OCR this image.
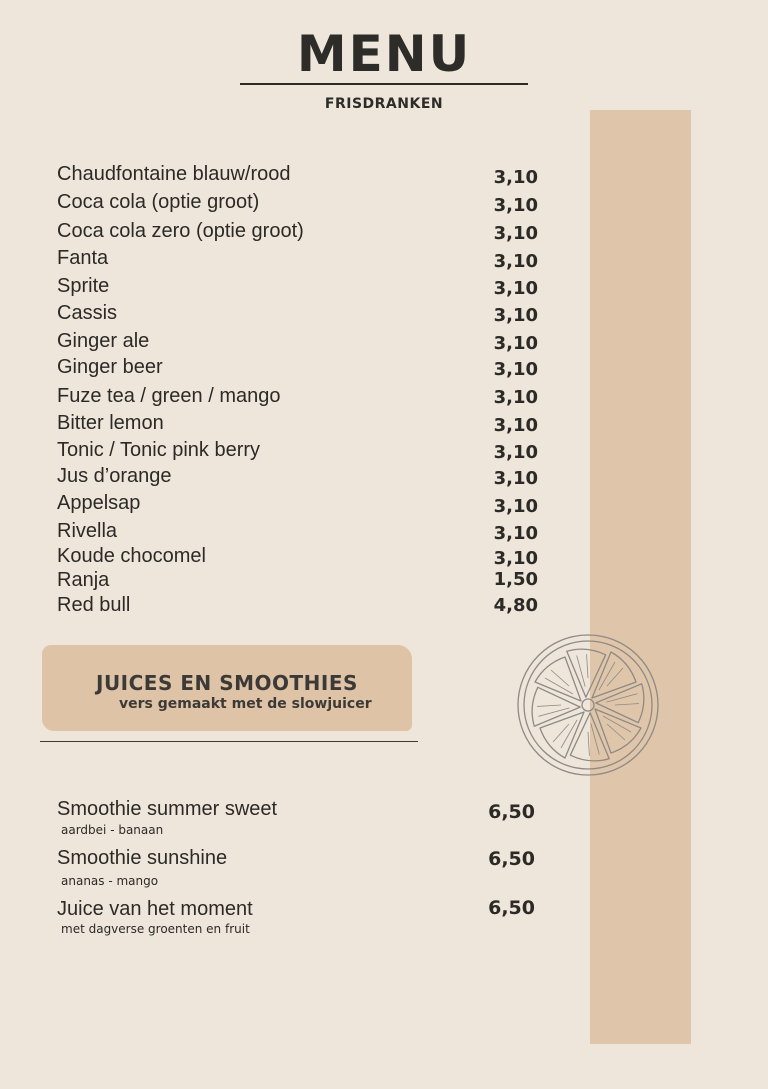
MENU
FRISDRANKEN
Chaudfontaine blauw/rood	3,10
Coca cola (optie groot)	3,10
Coca cola zero (optie groot)	3,10
Fanta	3,10
Sprite	3,10
Cassis	3,10
Ginger ale	3,10
Ginger beer	3,10
Fuze tea / green / mango	3,10
Bitter lemon	3,10
Tonic / Tonic pink berry	3,10
Jus d’orange	3,10
Appelsap	3,10
Rivella	3,10
Koude chocomel	3,10
Ranja	1,50
Red bull	4,80
JUICES EN SMOOTHIES
vers gemaakt met de slowjuicer
Smoothie summer sweet
aardbei - banaan
6,50
Smoothie sunshine
ananas - mango
6,50
Juice van het moment
met dagverse groenten en fruit
6,50
